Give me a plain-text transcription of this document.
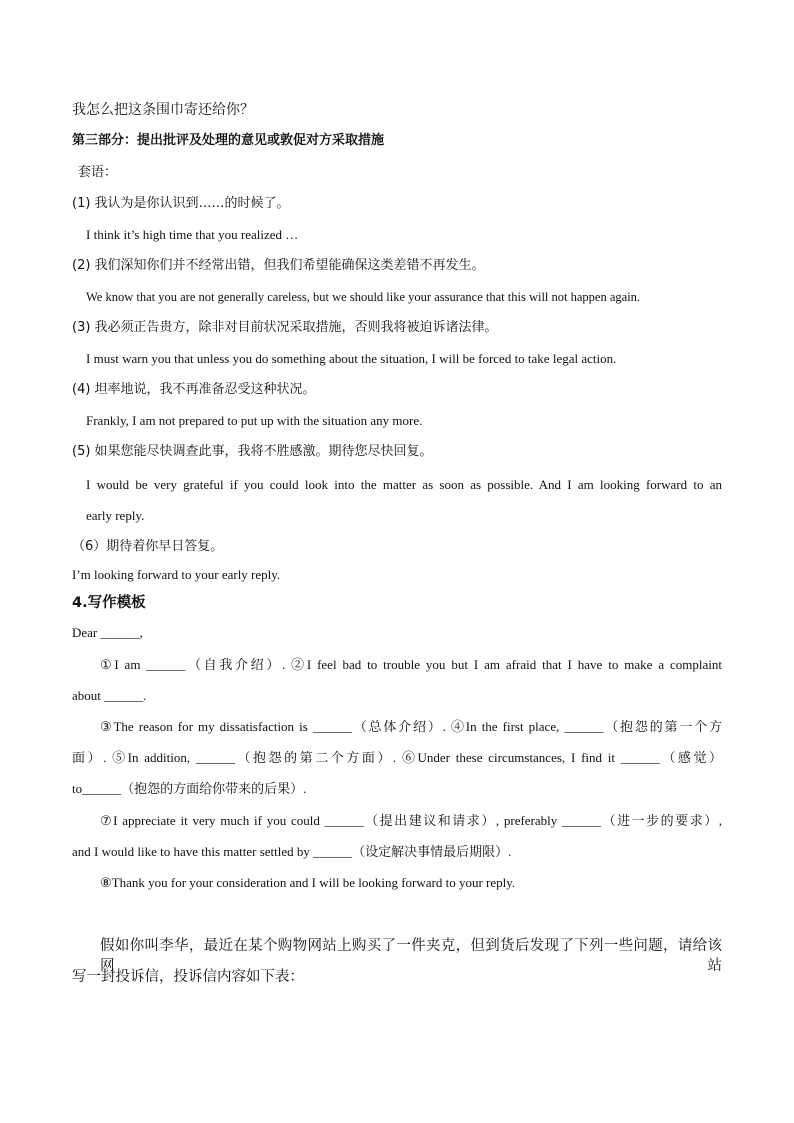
我怎么把这条围巾寄还给你？
第三部分：提出批评及处理的意见或敦促对方采取措施
套语：
(1) 我认为是你认识到……的时候了。
I think it’s high time that you realized …
(2) 我们深知你们并不经常出错，但我们希望能确保这类差错不再发生。
We know that you are not generally careless, but we should like your assurance that this will not happen again.
(3) 我必须正告贵方，除非对目前状况采取措施，否则我将被迫诉诸法律。
I must warn you that unless you do something about the situation, I will be forced to take legal action.
(4) 坦率地说，我不再准备忍受这种状况。
Frankly, I am not prepared to put up with the situation any more.
(5) 如果您能尽快调查此事，我将不胜感激。期待您尽快回复。
I would be very grateful if you could look into the matter as soon as possible. And I am looking forward to an
early reply.
（6）期待着你早日答复。
I’m looking forward to your early reply.
4.写作模板
Dear ______,
①I am ______（自我介绍）. ②I feel bad to trouble you but I am afraid that I have to make a complaint
about ______.
③The reason for my dissatisfaction is ______（总体介绍）. ④In the first place, ______（抱怨的第一个方
面）. ⑤In addition, ______（抱怨的第二个方面）. ⑥Under these circumstances, I find it ______（感觉）
to______（抱怨的方面给你带来的后果）.
⑦I appreciate it very much if you could ______（提出建议和请求）, preferably ______（进一步的要求）,
and I would like to have this matter settled by ______（设定解决事情最后期限）.
⑧Thank you for your consideration and I will be looking forward to your reply.
假如你叫李华，最近在某个购物网站上购买了一件夹克，但到货后发现了下列一些问题，请给该网站
写一封投诉信，投诉信内容如下表：
